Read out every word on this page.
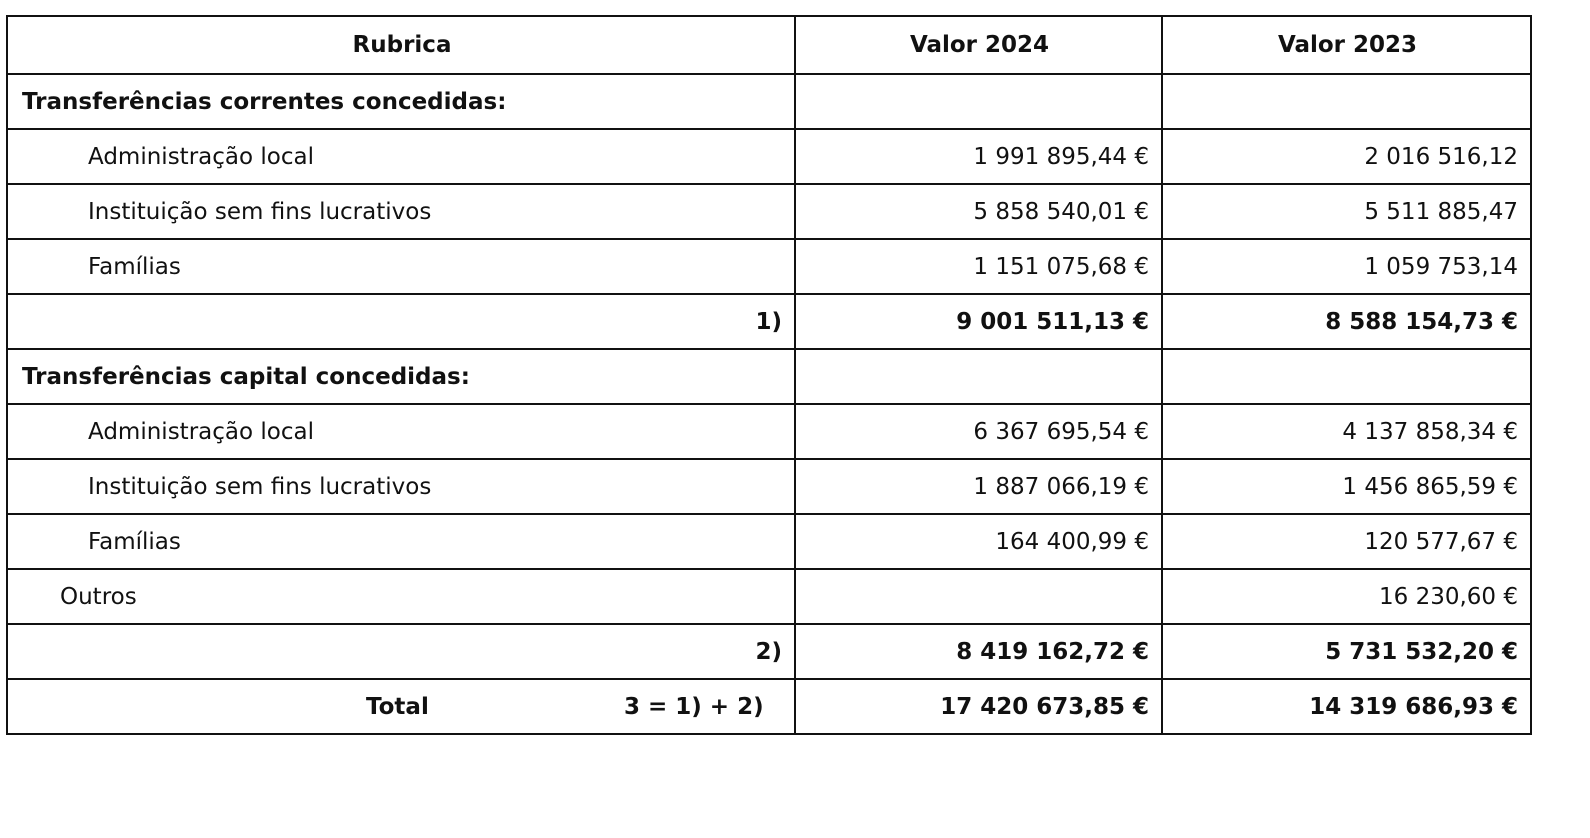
Rubrica	Valor 2024	Valor 2023
Transferências correntes concedidas:		
Administração local	1 991 895,44 €	2 016 516,12
Instituição sem fins lucrativos	5 858 540,01 €	5 511 885,47
Famílias	1 151 075,68 €	1 059 753,14
1)	9 001 511,13 €	8 588 154,73 €
Transferências capital concedidas:		
Administração local	6 367 695,54 €	4 137 858,34 €
Instituição sem fins lucrativos	1 887 066,19 €	1 456 865,59 €
Famílias	164 400,99 €	120 577,67 €
Outros		16 230,60 €
2)	8 419 162,72 €	5 731 532,20 €

Total 3 = 1) + 2)	17 420 673,85 €	14 319 686,93 €
